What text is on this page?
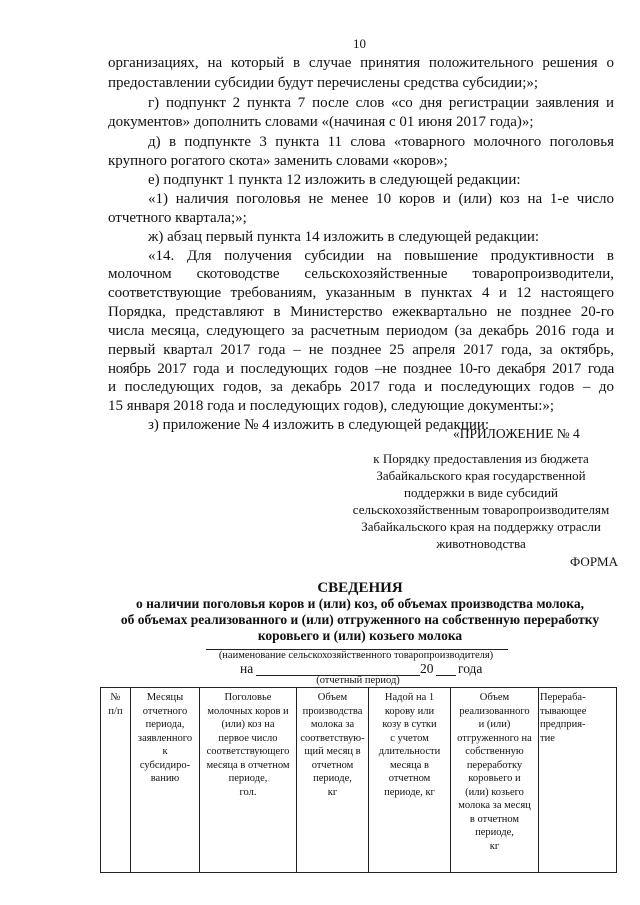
10
организациях, на который в случае принятия положительного решения о
предоставлении субсидии будут перечислены средства субсидии;»;
г) подпункт 2 пункта 7 после слов «со дня регистрации заявления и
документов» дополнить словами «(начиная с 01 июня 2017 года)»;
д) в подпункте 3 пункта 11 слова «товарного молочного поголовья
крупного рогатого скота» заменить словами «коров»;
е) подпункт 1 пункта 12 изложить в следующей редакции:
«1) наличия поголовья не менее 10 коров и (или) коз на 1-е число
отчетного квартала;»;
ж) абзац первый пункта 14 изложить в следующей редакции:
«14. Для получения субсидии на повышение продуктивности в
молочном скотоводстве сельскохозяйственные товаропроизводители,
соответствующие требованиям, указанным в пунктах 4 и 12 настоящего
Порядка, представляют в Министерство ежеквартально не позднее 20-го
числа месяца, следующего за расчетным периодом (за декабрь 2016 года и
первый квартал 2017 года – не позднее 25 апреля 2017 года, за октябрь,
ноябрь 2017 года и последующих годов –не позднее 10-го декабря 2017 года
и последующих годов, за декабрь 2017 года и последующих годов – до
15 января 2018 года и последующих годов), следующие документы:»;
з) приложение № 4 изложить в следующей редакции:
«ПРИЛОЖЕНИЕ № 4
к Порядку предоставления из бюджета
Забайкальского края государственной
поддержки в виде субсидий
сельскохозяйственным товаропроизводителям
Забайкальского края на поддержку отрасли
животноводства
ФОРМА
СВЕДЕНИЯ
о наличии поголовья коров и (или) коз, об объемах производства молока,
об объемах реализованного и (или) отгруженного на собственную переработку
коровьего и (или) козьего молока
№
п/п	Месяцы
отчетного
периода,
заявленного
к
субсидиро-
ванию	Поголовье
молочных коров и
(или) коз на
первое число
соответствующего
месяца в отчетном
периоде,
гол.	Объем
производства
молока за
соответствую-
щий месяц в
отчетном
периоде,
кг	Надой на 1
корову или
козу в сутки
с учетом
длительности
месяца в
отчетном
периоде, кг	Объем
реализованного
и (или)
отгруженного на
собственную
переработку
коровьего и
(или) козьего
молока за месяц
в отчетном
периоде,
кг	Перераба-
тывающее
предприя-
тие
(наименование сельскохозяйственного товаропроизводителя)
на	20 года
(отчетный период)
